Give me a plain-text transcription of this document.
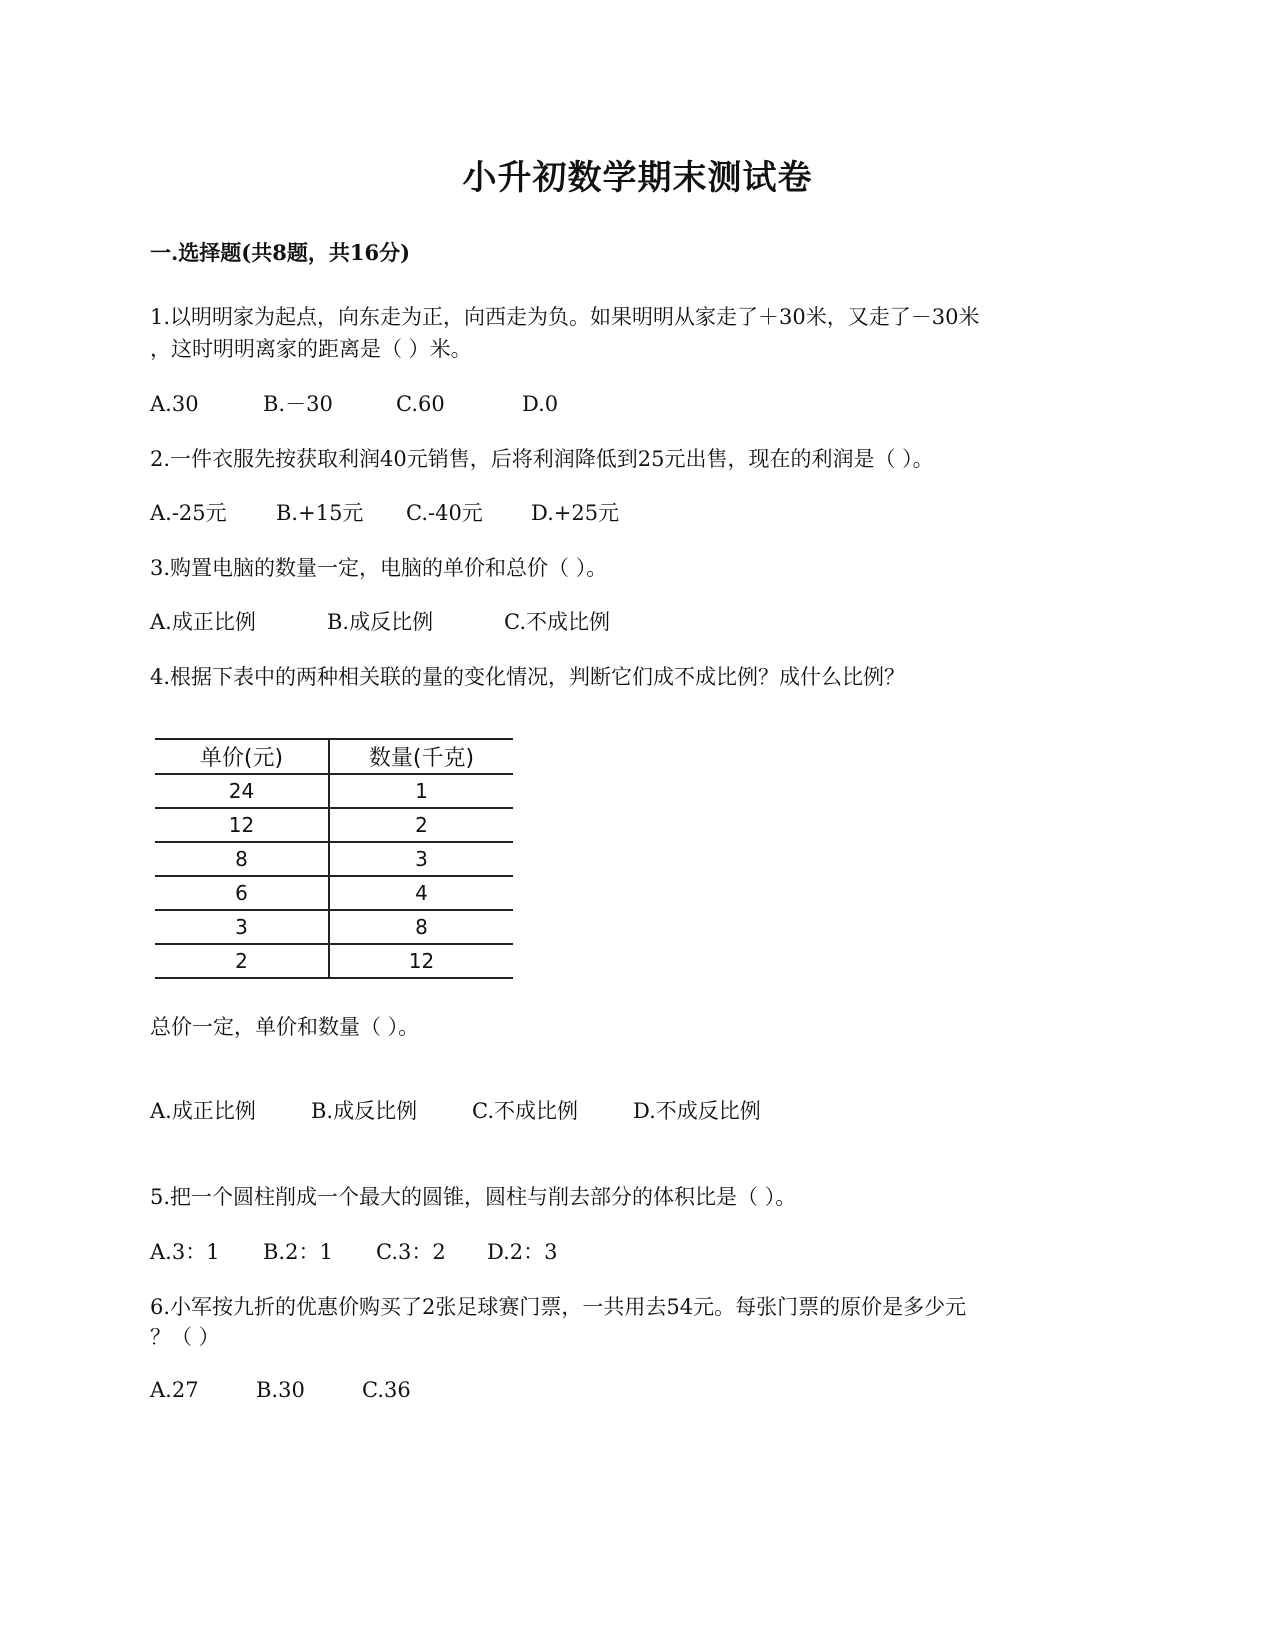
小升初数学期末测试卷
一.选择题(共8题，共16分)
1.以明明家为起点，向东走为正，向西走为负。如果明明从家走了＋30米，又走了－30米
，这时明明离家的距离是（ ）米。
A.30	B.－30	C.60	D.0
2.一件衣服先按获取利润40元销售，后将利润降低到25元出售，现在的利润是（ ）。
A.-25元 B.+15元 C.-40元 D.+25元
3.购置电脑的数量一定，电脑的单价和总价（ ）。
A.成正比例	B.成反比例	C.不成比例
4.根据下表中的两种相关联的量的变化情况，判断它们成不成比例？成什么比例？
单价(元)	数量(千克)
24	1
12	2
8	3
6	4
3	8
2	12
总价一定，单价和数量（ ）。
A.成正比例	B.成反比例	C.不成比例	D.不成反比例
5.把一个圆柱削成一个最大的圆锥，圆柱与削去部分的体积比是（ ）。
A.3：1 B.2：1 C.3：2 D.2：3
6.小军按九折的优惠价购买了2张足球赛门票，一共用去54元。每张门票的原价是多少元
？（ ）
A.27	B.30	C.36
